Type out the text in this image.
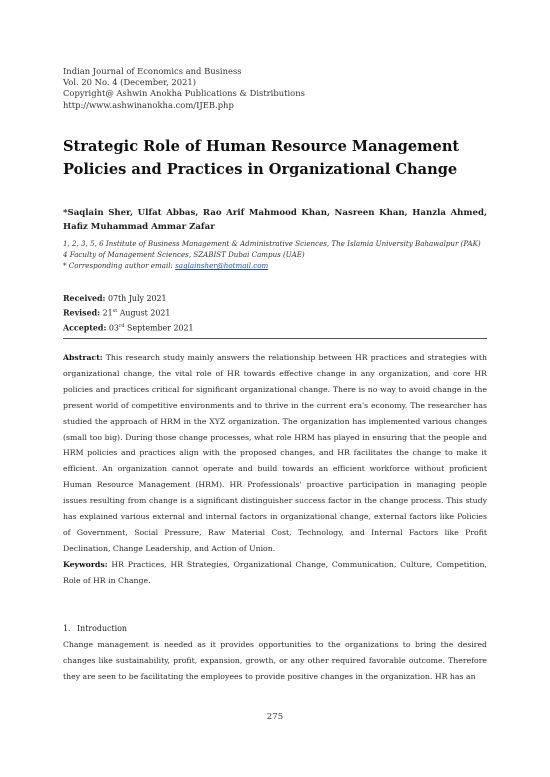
Indian Journal of Economics and Business
Vol. 20 No. 4 (December, 2021)
Copyright@ Ashwin Anokha Publications & Distributions
http://www.ashwinanokha.com/IJEB.php
Strategic Role of Human Resource Management Policies and Practices in Organizational Change
*Saqlain Sher, Ulfat Abbas, Rao Arif Mahmood Khan, Nasreen Khan, Hanzla Ahmed, Hafiz Muhammad Ammar Zafar
1, 2, 3, 5, 6 Institute of Business Management & Administrative Sciences, The Islamia University Bahawalpur (PAK)
4 Faculty of Management Sciences, SZABIST Dubai Campus (UAE)
* Corresponding author email: saqlainsher@hotmail.com
Received: 07th July 2021
Revised: 21st August 2021
Accepted: 03rd September 2021
Abstract: This research study mainly answers the relationship between HR practices and strategies with organizational change, the vital role of HR towards effective change in any organization, and core HR policies and practices critical for significant organizational change. There is no way to avoid change in the present world of competitive environments and to thrive in the current era's economy. The researcher has studied the approach of HRM in the XYZ organization. The organization has implemented various changes (small too big). During those change processes, what role HRM has played in ensuring that the people and HRM policies and practices align with the proposed changes, and HR facilitates the change to make it efficient. An organization cannot operate and build towards an efficient workforce without proficient Human Resource Management (HRM). HR Professionals' proactive participation in managing people issues resulting from change is a significant distinguisher success factor in the change process. This study has explained various external and internal factors in organizational change, external factors like Policies of Government, Social Pressure, Raw Material Cost, Technology, and Internal Factors like Profit Declination, Change Leadership, and Action of Union.
Keywords: HR Practices, HR Strategies, Organizational Change, Communication, Culture, Competition, Role of HR in Change.
1. Introduction
Change management is needed as it provides opportunities to the organizations to bring the desired changes like sustainability, profit, expansion, growth, or any other required favorable outcome. Therefore they are seen to be facilitating the employees to provide positive changes in the organization. HR has an
275
